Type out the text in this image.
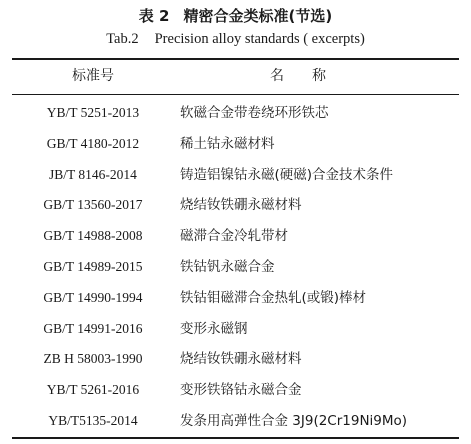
表 2 精密合金类标准(节选)
Tab.2 Precision alloy standards ( excerpts)
标准号	名 称
YB/T 5251-2013	软磁合金带卷绕环形铁芯
GB/T 4180-2012	稀土钴永磁材料
JB/T 8146-2014	铸造铝镍钴永磁(硬磁)合金技术条件
GB/T 13560-2017	烧结钕铁硼永磁材料
GB/T 14988-2008	磁滞合金冷轧带材
GB/T 14989-2015	铁钴钒永磁合金
GB/T 14990-1994	铁钴钼磁滞合金热轧(或锻)棒材
GB/T 14991-2016	变形永磁钢
ZB H 58003-1990	烧结钕铁硼永磁材料
YB/T 5261-2016	变形铁铬钴永磁合金
YB/T5135-2014	发条用高弹性合金 3J9(2Cr19Ni9Mo)
